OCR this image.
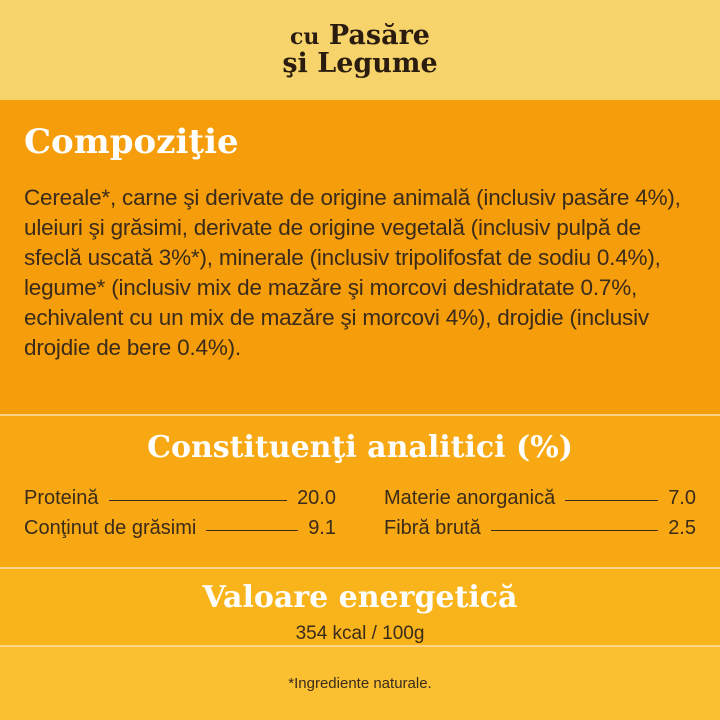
cu Pasăre
şi Legume
Compoziţie

Cereale*, carne şi derivate de origine animală (inclusiv pasăre 4%), uleiuri şi grăsimi, derivate de origine vegetală (inclusiv pulpă de sfeclă uscată 3%*), minerale (inclusiv tripolifosfat de sodiu 0.4%), legume* (inclusiv mix de mazăre şi morcovi deshidratate 0.7%, echivalent cu un mix de mazăre şi morcovi 4%), drojdie (inclusiv drojdie de bere 0.4%).

Constituenţi analitici (%)
Proteină	20.0
Conţinut de grăsimi	9.1
Materie anorganică	7.0
Fibră brută	2.5
Valoare energetică
354 kcal / 100g
*Ingrediente naturale.
